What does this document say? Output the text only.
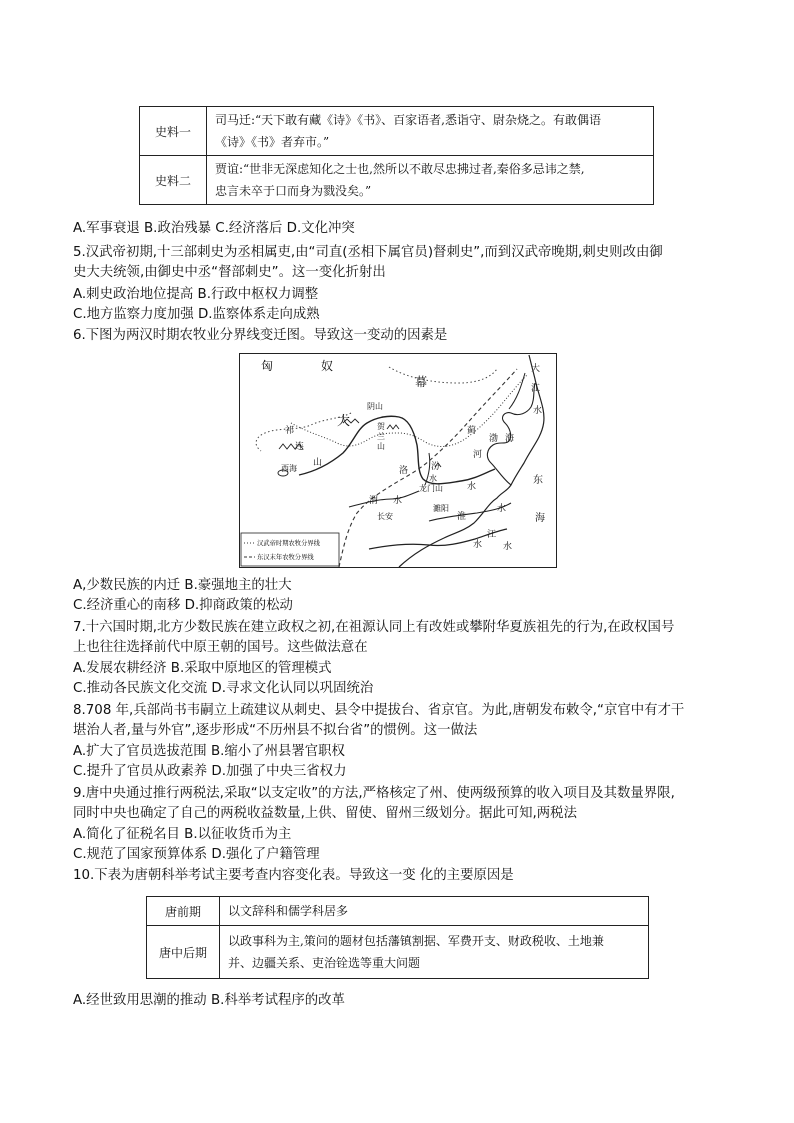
史料一	司马迁:“天下敢有藏《诗》《书》、百家语者,悉诣守、尉杂烧之。有敢偶语
《诗》《书》者弃市。”

史料二	贾谊:“世非无深虑知化之士也,然所以不敢尽忠拂过者,秦俗多忌讳之禁,
忠言未卒于口而身为戮没矣。”
A.军事衰退 B.政治残暴 C.经济落后 D.文化冲突
5.汉武帝初期,十三部刺史为丞相属吏,由“司直(丞相下属官员)督刺史”,而到汉武帝晚期,刺史则改由御
史大夫统领,由御史中丞“督部刺史”。这一变化折射出
A.刺史政治地位提高 B.行政中枢权力调整
C.地方监察力度加强 D.监察体系走向成熟
6.下图为两汉时期农牧业分界线变迁图。导致这一变动的因素是
匈	奴
幕
大
阴山
贺
兰
山
祁
连
山
西海	洛	汾
水
龙门山
渭 水
长安
濉阳
河
水
淮
水
江
水 水
蓟
渤 海
东
海
大
江
水
汉武帝时期农牧分界线
东汉末年农牧分界线
A,少数民族的内迁 B.豪强地主的壮大
C.经济重心的南移 D.抑商政策的松动
7.十六国时期,北方少数民族在建立政权之初,在祖源认同上有改姓或攀附华夏族祖先的行为,在政权国号
上也往往选择前代中原王朝的国号。这些做法意在
A.发展农耕经济 B.采取中原地区的管理模式
C.推动各民族文化交流 D.寻求文化认同以巩固统治
8.708 年,兵部尚书韦嗣立上疏建议从刺史、县令中提拔台、省京官。为此,唐朝发布敕令,“京官中有才干
堪治人者,量与外官”,逐步形成“不历州县不拟台省”的惯例。这一做法
A.扩大了官员选拔范围 B.缩小了州县署官职权
C.提升了官员从政素养 D.加强了中央三省权力
9.唐中央通过推行两税法,采取“以支定收”的方法,严格核定了州、使两级预算的收入项目及其数量界限,
同时中央也确定了自己的两税收益数量,上供、留使、留州三级划分。据此可知,两税法
A.简化了征税名目 B.以征收货币为主
C.规范了国家预算体系 D.强化了户籍管理
10.下表为唐朝科举考试主要考查内容变化表。导致这一变 化的主要原因是
唐前期	以文辞科和儒学科居多

唐中后期	以政事科为主,策问的题材包括藩镇割据、军费开支、财政税收、土地兼
并、边疆关系、吏治铨选等重大问题
A.经世致用思潮的推动 B.科举考试程序的改革
